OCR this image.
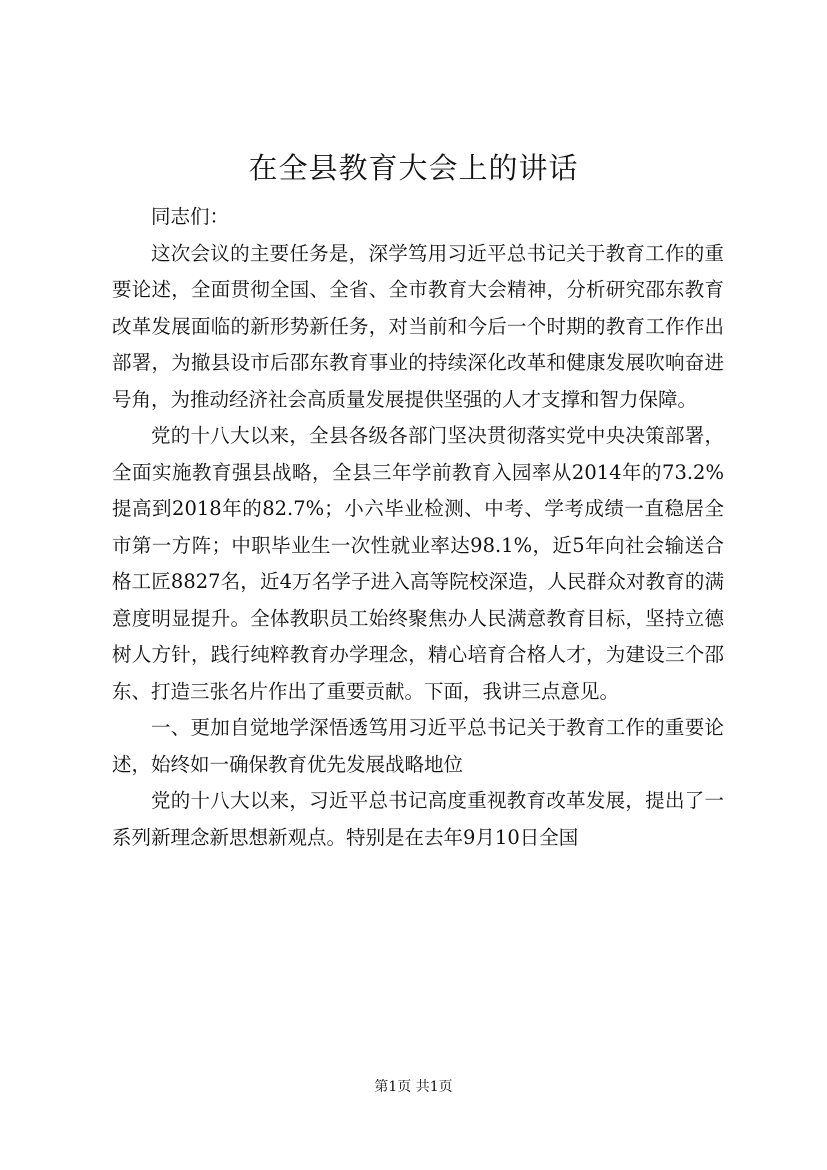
在全县教育大会上的讲话

同志们：

这次会议的主要任务是，深学笃用习近平总书记关于教育工作的重要论述，全面贯彻全国、全省、全市教育大会精神，分析研究邵东教育改革发展面临的新形势新任务，对当前和今后一个时期的教育工作作出部署，为撤县设市后邵东教育事业的持续深化改革和健康发展吹响奋进号角，为推动经济社会高质量发展提供坚强的人才支撑和智力保障。

党的十八大以来，全县各级各部门坚决贯彻落实党中央决策部署，全面实施教育强县战略，全县三年学前教育入园率从2014年的73.2%提高到2018年的82.7%；小六毕业检测、中考、学考成绩一直稳居全市第一方阵；中职毕业生一次性就业率达98.1%，近5年向社会输送合格工匠8827名，近4万名学子进入高等院校深造，人民群众对教育的满意度明显提升。全体教职员工始终聚焦办人民满意教育目标，坚持立德树人方针，践行纯粹教育办学理念，精心培育合格人才，为建设三个邵东、打造三张名片作出了重要贡献。下面，我讲三点意见。

一、更加自觉地学深悟透笃用习近平总书记关于教育工作的重要论述，始终如一确保教育优先发展战略地位

党的十八大以来，习近平总书记高度重视教育改革发展，提出了一系列新理念新思想新观点。特别是在去年9月10日全国

第1页 共1页
